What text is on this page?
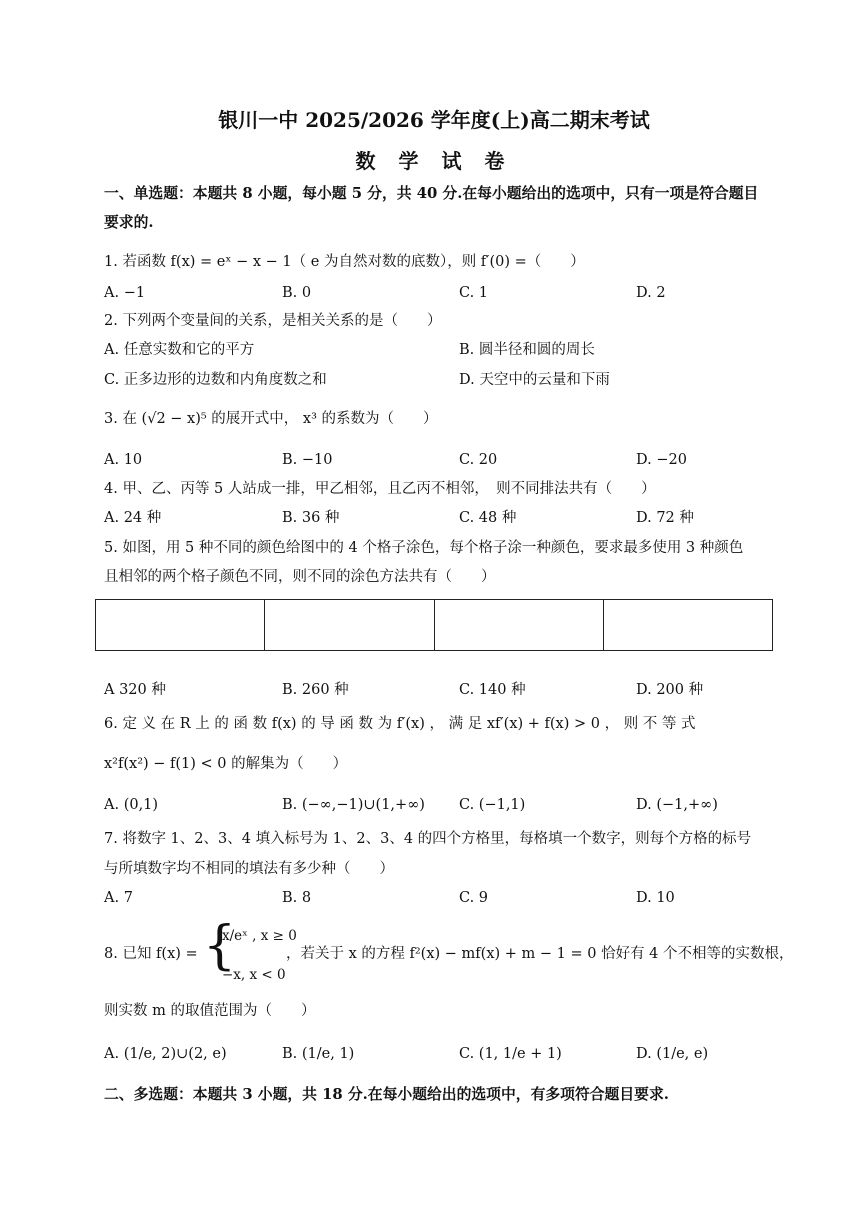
银川一中 2025/2026 学年度(上)高二期末考试
数 学 试 卷
一、单选题：本题共 8 小题，每小题 5 分，共 40 分.在每小题给出的选项中，只有一项是符合题目
要求的.
1. 若函数 f(x) = eˣ − x − 1（ e 为自然对数的底数），则 f′(0) =（　　）
A. −1	B. 0	C. 1	D. 2
2. 下列两个变量间的关系，是相关关系的是（　　）
A. 任意实数和它的平方	B. 圆半径和圆的周长
C. 正多边形的边数和内角度数之和	D. 天空中的云量和下雨
3. 在 (√2 − x)⁵ 的展开式中， x³ 的系数为（　　）
A. 10	B. −10	C. 20	D. −20
4. 甲、乙、丙等 5 人站成一排，甲乙相邻，且乙丙不相邻，　则不同排法共有（　　）
A. 24 种	B. 36 种	C. 48 种	D. 72 种
5. 如图，用 5 种不同的颜色给图中的 4 个格子涂色，每个格子涂一种颜色，要求最多使用 3 种颜色
且相邻的两个格子颜色不同，则不同的涂色方法共有（　　）
A 320 种	B. 260 种	C. 140 种	D. 200 种
6. 定 义 在 R 上 的 函 数 f(x) 的 导 函 数 为 f′(x) ， 满 足 xf′(x) + f(x) > 0 ， 则 不 等 式
x²f(x²) − f(1) < 0 的解集为（　　）
A. (0,1)	B. (−∞,−1)∪(1,+∞) C. (−1,1)	D. (−1,+∞)
7. 将数字 1、2、3、4 填入标号为 1、2、3、4 的四个方格里，每格填一个数字，则每个方格的标号
与所填数字均不相同的填法有多少种（　　）
A. 7	B. 8	C. 9	D. 10
8. 已知 f(x) = {
x/eˣ , x ≥ 0
−x, x < 0
，若关于 x 的方程 f²(x) − mf(x) + m − 1 = 0 恰好有 4 个不相等的实数根，
则实数 m 的取值范围为（　　）
A. (1/e, 2)∪(2, e)	B. (1/e, 1)	C. (1, 1/e + 1)	D. (1/e, e)
二、多选题：本题共 3 小题，共 18 分.在每小题给出的选项中，有多项符合题目要求.
